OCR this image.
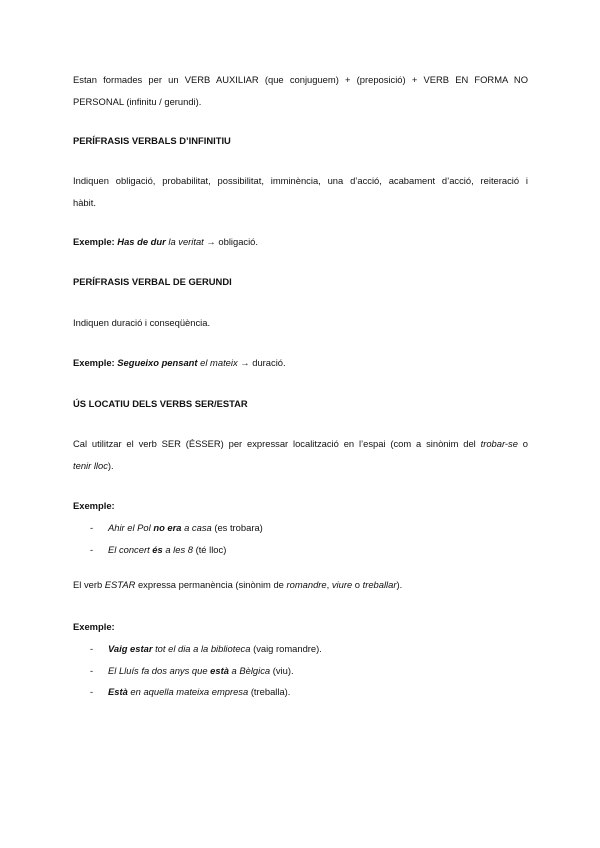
Estan formades per un VERB AUXILIAR (que conjuguem) + (preposició) + VERB EN FORMA NO

PERSONAL (infinitu / gerundi).

PERÍFRASIS VERBALS D’INFINITIU

Indiquen obligació, probabilitat, possibilitat, imminència, una d’acció, acabament d’acció, reiteració i

hàbit.

Exemple: Has de dur la veritat → obligació.

PERÍFRASIS VERBAL DE GERUNDI

Indiquen duració i conseqüència.

Exemple: Segueixo pensant el mateix → duració.

ÚS LOCATIU DELS VERBS SER/ESTAR

Cal utilitzar el verb SER (ÉSSER) per expressar localització en l’espai (com a sinònim del trobar-se o

tenir lloc).

Exemple:

- Ahir el Pol no era a casa (es trobara)
- El concert és a les 8 (té lloc)

El verb ESTAR expressa permanència (sinònim de romandre, viure o treballar).

Exemple:

- Vaig estar tot el dia a la biblioteca (vaig romandre).
- El Lluís fa dos anys que està a Bèlgica (viu).
- Està en aquella mateixa empresa (treballa).
